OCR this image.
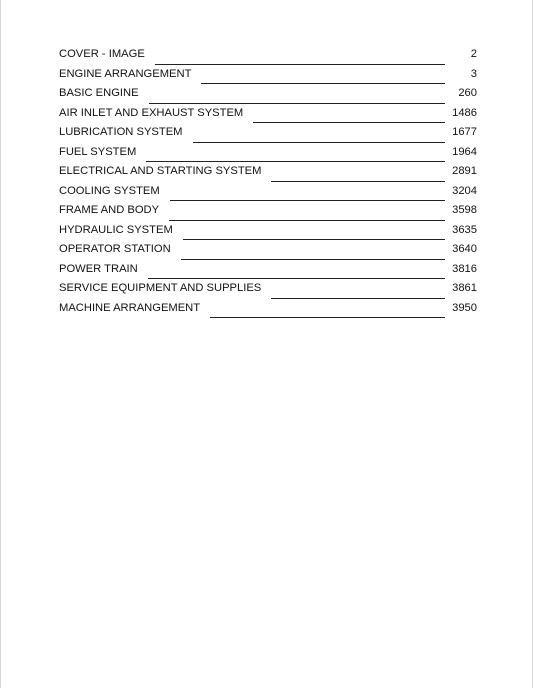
COVER - IMAGE	2
ENGINE ARRANGEMENT	3
BASIC ENGINE	260
AIR INLET AND EXHAUST SYSTEM	1486
LUBRICATION SYSTEM	1677
FUEL SYSTEM	1964
ELECTRICAL AND STARTING SYSTEM	2891
COOLING SYSTEM	3204
FRAME AND BODY	3598
HYDRAULIC SYSTEM	3635
OPERATOR STATION	3640
POWER TRAIN	3816
SERVICE EQUIPMENT AND SUPPLIES	3861
MACHINE ARRANGEMENT	3950
